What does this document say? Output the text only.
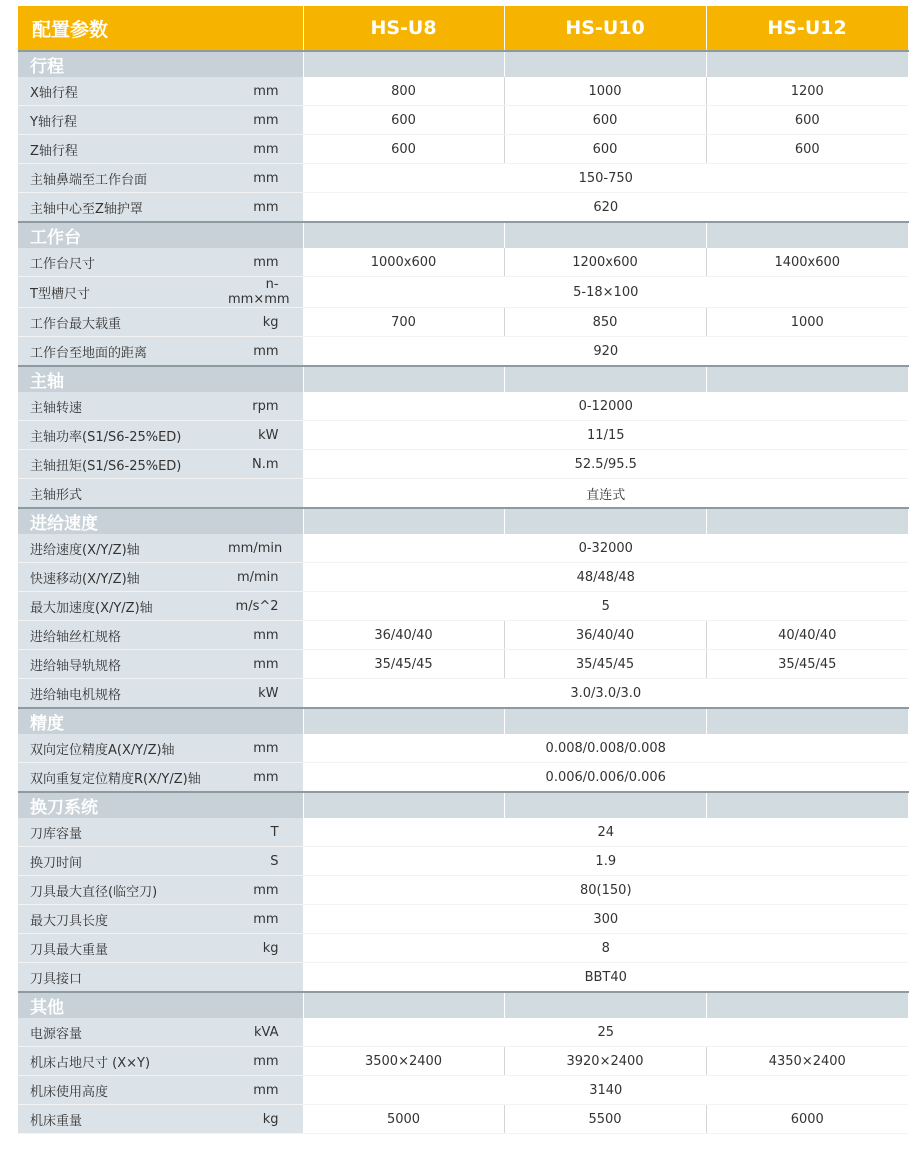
配置参数		HS-U8	HS-U10	HS-U12
行程				
X轴行程	mm	800	1000	1200
Y轴行程	mm	600	600	600
Z轴行程	mm	600	600	600
主轴鼻端至工作台面	mm	150-750		
主轴中心至Z轴护罩	mm	620		
工作台				
工作台尺寸	mm	1000x600	1200x600	1400x600
T型槽尺寸	n-mm×mm	5-18×100		
工作台最大载重	kg	700	850	1000
工作台至地面的距离	mm	920		
主轴				
主轴转速	rpm	0-12000		
主轴功率(S1/S6-25%ED)	kW	11/15		
主轴扭矩(S1/S6-25%ED)	N.m	52.5/95.5		
主轴形式		直连式		
进给速度				
进给速度(X/Y/Z)轴	mm/min	0-32000		
快速移动(X/Y/Z)轴	m/min	48/48/48		
最大加速度(X/Y/Z)轴	m/s^2	5		
进给轴丝杠规格	mm	36/40/40	36/40/40	40/40/40
进给轴导轨规格	mm	35/45/45	35/45/45	35/45/45
进给轴电机规格	kW	3.0/3.0/3.0		
精度				
双向定位精度A(X/Y/Z)轴	mm	0.008/0.008/0.008		
双向重复定位精度R(X/Y/Z)轴	mm	0.006/0.006/0.006		
换刀系统				
刀库容量	T	24		
换刀时间	S	1.9		
刀具最大直径(临空刀)	mm	80(150)		
最大刀具长度	mm	300		
刀具最大重量	kg	8		
刀具接口		BBT40		
其他				
电源容量	kVA	25		
机床占地尺寸 (X×Y)	mm	3500×2400	3920×2400	4350×2400
机床使用高度	mm	3140		
机床重量	kg	5000	5500	6000
